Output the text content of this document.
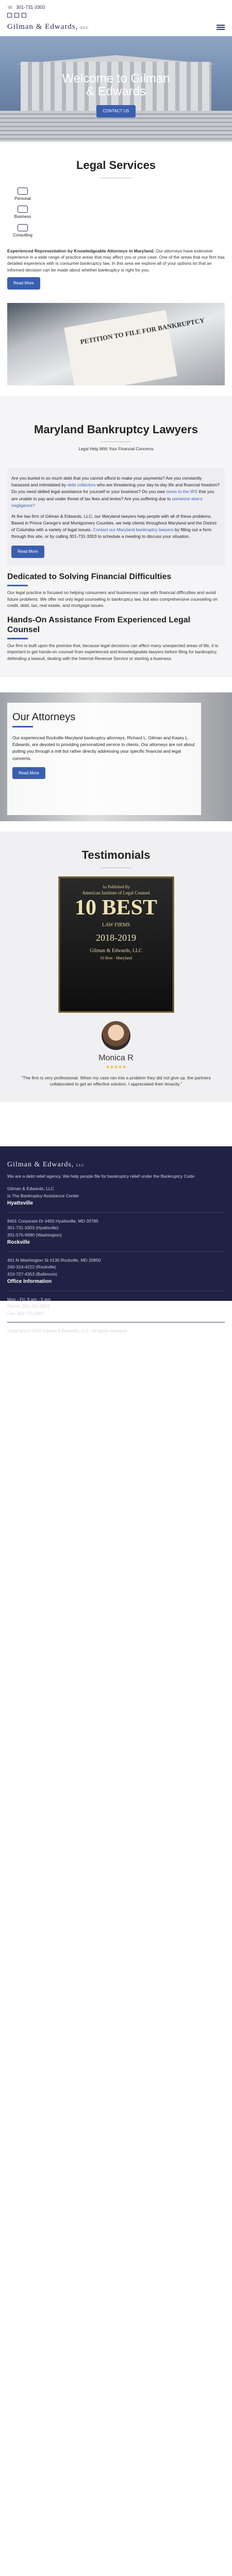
☏ 301-731-3303
Gilman & Edwards, LLC
Welcome to Gilman & Edwards
CONTACT US
Legal Services
Personal
Business
Consulting

Experienced Representation by Knowledgeable Attorneys in Maryland. Our attorneys have extensive experience in a wide range of practice areas that may affect you or your case. One of the areas that our firm has detailed experience with is consumer bankruptcy law. In this area we explore all of your options so that an informed decision can be made about whether bankruptcy is right for you.

Read More
PETITION TO FILE FOR BANKRUPTCY
Maryland Bankruptcy Lawyers

Legal Help With Your Financial Concerns

Are you buried in so much debt that you cannot afford to make your payments? Are you constantly harassed and intimidated by debt collectors who are threatening your day-to-day life and financial freedom? Do you need skilled legal assistance for yourself or your business? Do you owe taxes to the IRS that you are unable to pay and under threat of tax fees and levies? Are you suffering due to someone else's negligence?

At the law firm of Gilman & Edwards, LLC, our Maryland lawyers help people with all of these problems. Based in Prince George's and Montgomery Counties, we help clients throughout Maryland and the District of Columbia with a variety of legal issues. Contact our Maryland bankruptcy lawyers by filling out a form through this site, or by calling 301-731-3303 to schedule a meeting to discuss your situation.

Read More
Dedicated to Solving Financial Difficulties

Our legal practice is focused on helping consumers and businesses cope with financial difficulties and avoid future problems. We offer not only legal counseling in bankruptcy law, but also comprehensive counseling on credit, debt, tax, real estate, and mortgage issues.

Hands-On Assistance From Experienced Legal Counsel

Our firm is built upon the premise that, because legal decisions can affect many unexpected areas of life, it is important to get hands-on counsel from experienced and knowledgeable lawyers before filing for bankruptcy, defending a lawsuit, dealing with the Internal Revenue Service or starting a business.

Our Attorneys

Our experienced Rockville Maryland bankruptcy attorneys, Richard L. Gilman and Kasey L. Edwards, are devoted to providing personalized service to clients. Our attorneys are not about putting you through a mill but rather directly addressing your specific financial and legal concerns.

Read More
Testimonials
As Published By
American Institute of Legal Counsel
10 BEST
LAW FIRMS
2018-2019
Gilman & Edwards, LLC
10 Best - Maryland
Monica R
★★★★★

"The firm is very professional. When my case ran into a problem they did not give up, the partners collaborated to get an effective solution. I appreciated their tenacity."

Gilman & Edwards, LLC

We are a debt relief agency. We help people file for bankruptcy relief under the Bankruptcy Code.

Gilman & Edwards, LLC
Is The Bankruptcy Assistance Center
Hyattsville
8401 Corporate Dr #450 Hyattsville, MD 20785
301-731-3303 (Hyattsville)
201-575-9990 (Washington)
Rockville
401 N Washington St #130 Rockville, MD 20850
240-314-4222 (Rockville)
410-727-4353 (Baltimore)
Office Information
Mon - Fri: 9 am - 5 pm
Phone: 301-731-3303
Fax: 301-731-3307

Copyright © 2023 Gilman & Edwards, LLC. All rights reserved.
